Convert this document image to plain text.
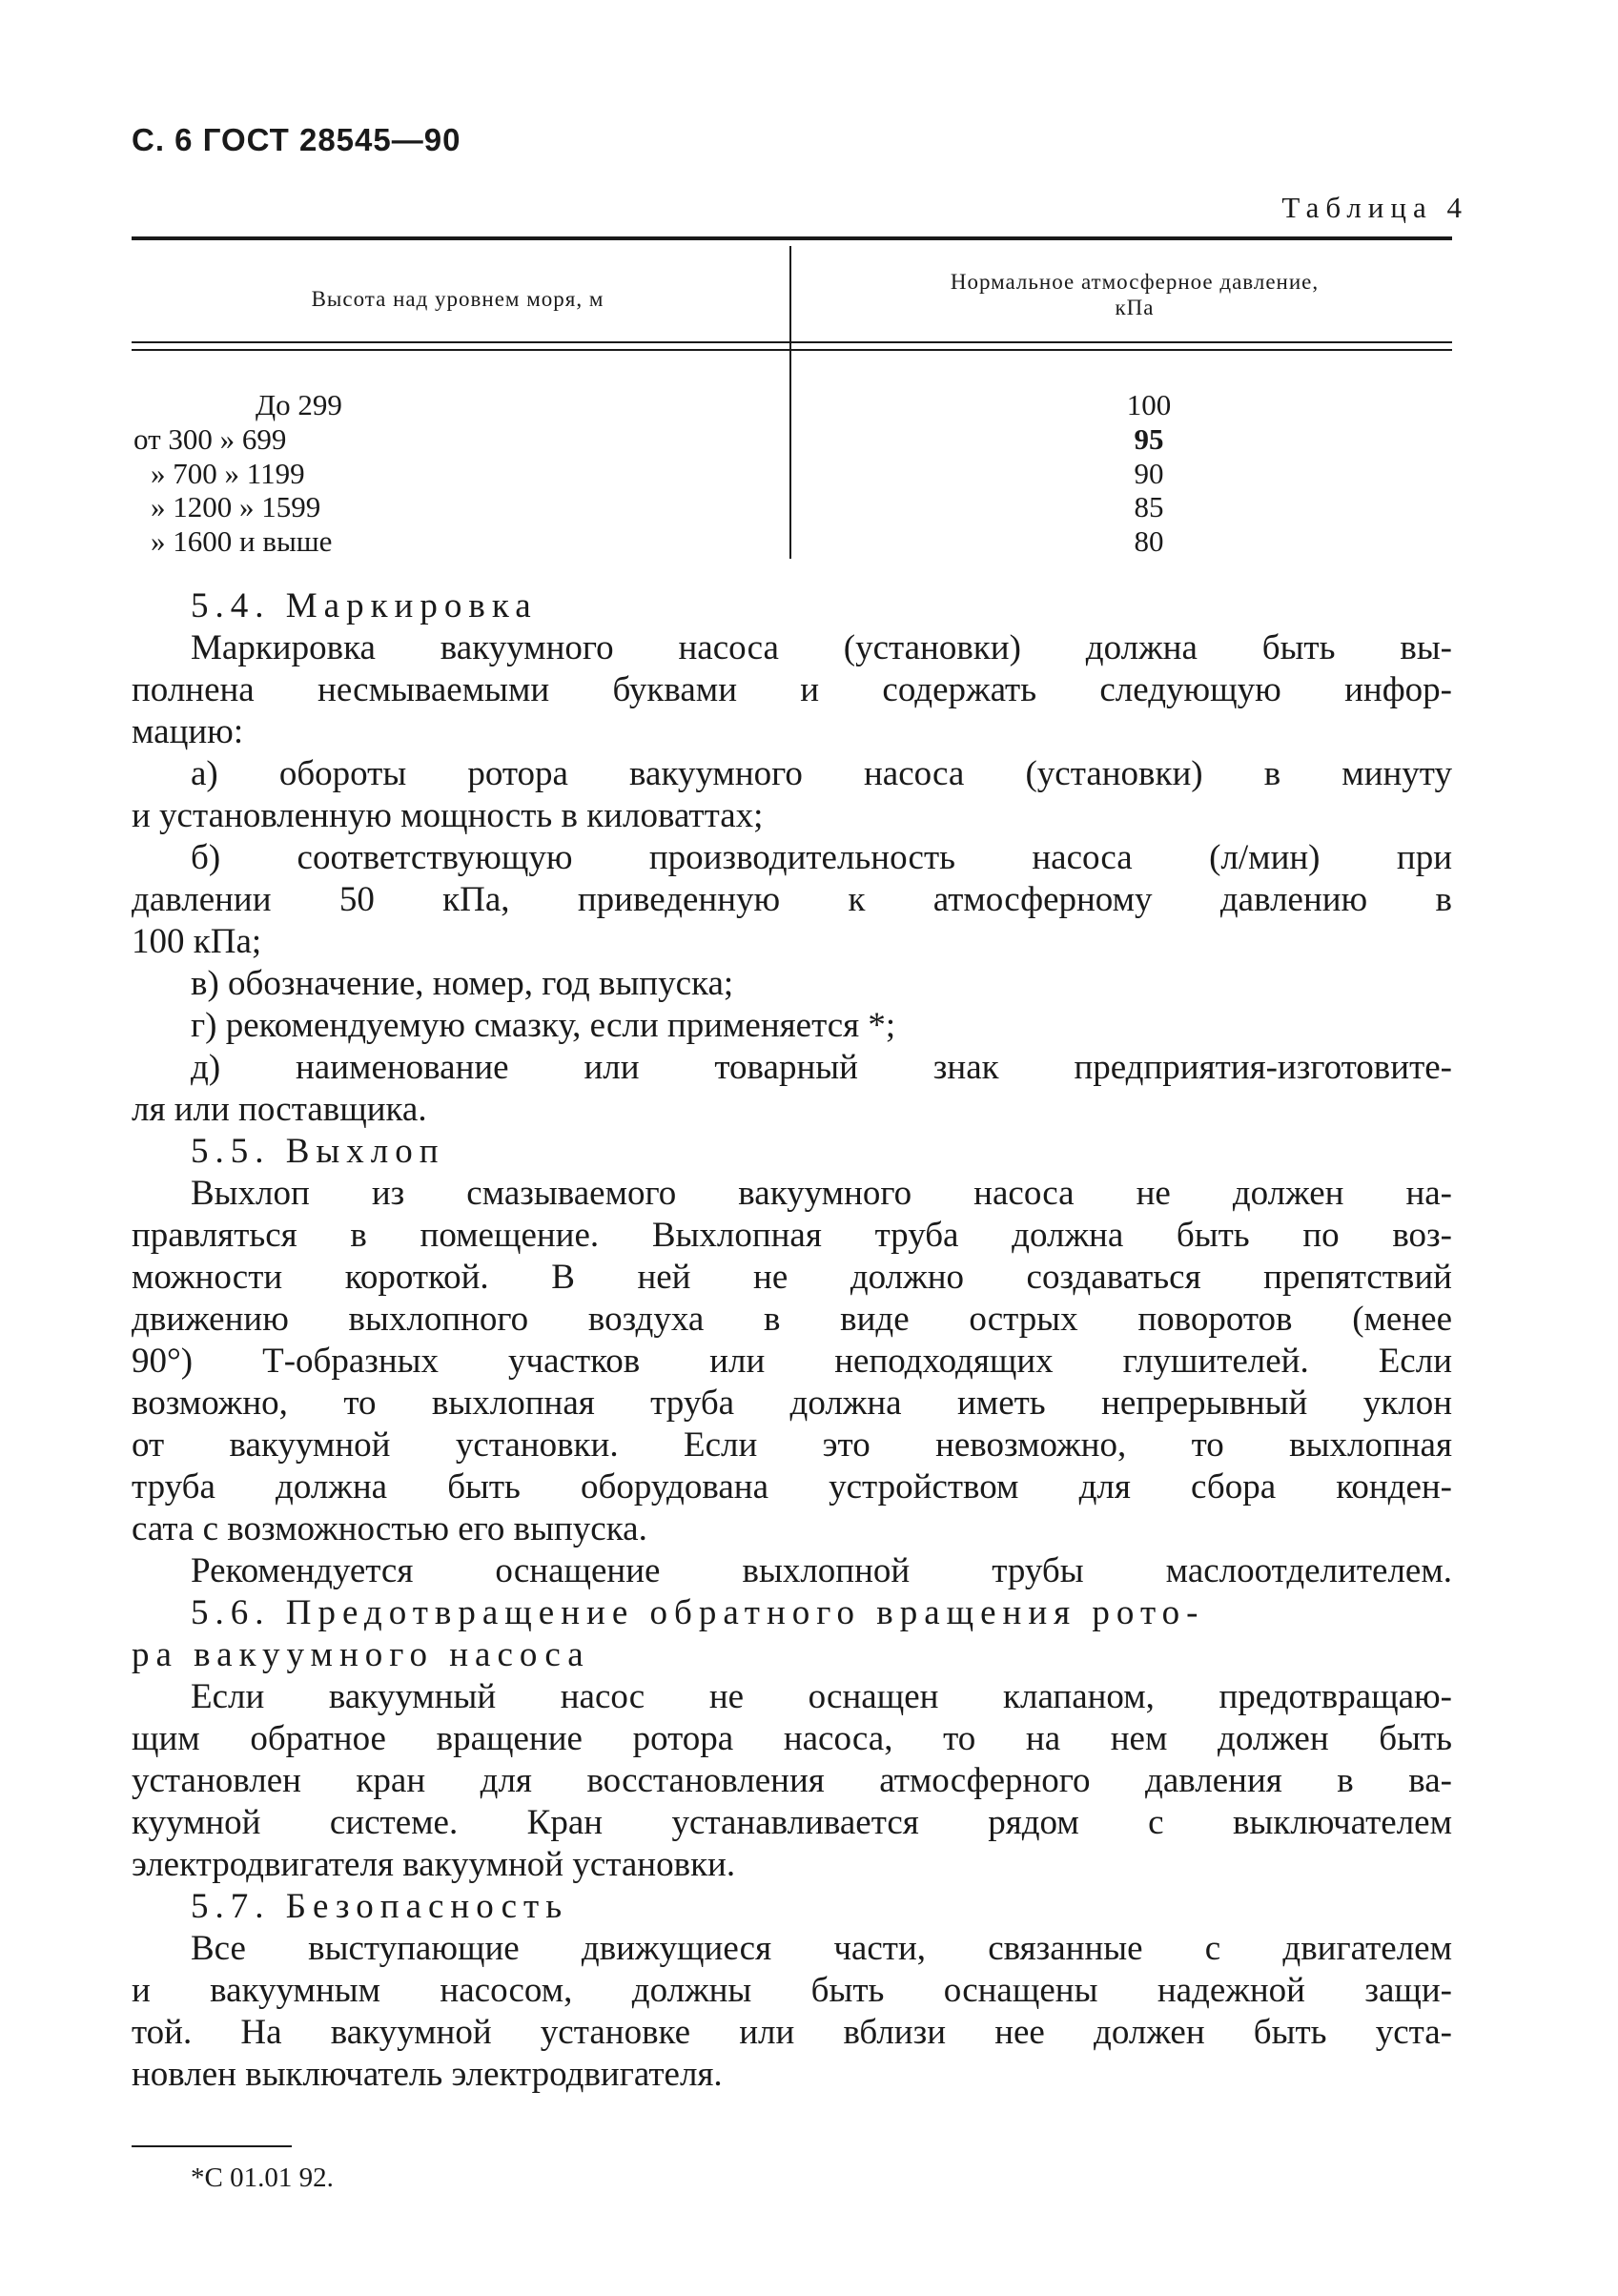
С. 6 ГОСТ 28545—90
Таблица 4
Высота над уровнем моря, м
Нормальное атмосферное давление,
кПа
До 299
от 300 » 699
» 700 » 1199
» 1200 » 1599
» 1600 и выше
100
95
90
85
80
5.4. Маркировка

Маркировка вакуумного насоса (установки) должна быть вы-

полнена несмываемыми буквами и содержать следующую инфор-

мацию:

а) обороты ротора вакуумного насоса (установки) в минуту

и установленную мощность в киловаттах;

б) соответствующую производительность насоса (л/мин) при

давлении 50 кПа, приведенную к атмосферному давлению в

100 кПа;

в) обозначение, номер, год выпуска;

г) рекомендуемую смазку, если применяется *;

д) наименование или товарный знак предприятия-изготовите-

ля или поставщика.

5.5. Выхлоп

Выхлоп из смазываемого вакуумного насоса не должен на-

правляться в помещение. Выхлопная труба должна быть по воз-

можности короткой. В ней не должно создаваться препятствий

движению выхлопного воздуха в виде острых поворотов (менее

90°) Т-образных участков или неподходящих глушителей. Если

возможно, то выхлопная труба должна иметь непрерывный уклон

от вакуумной установки. Если это невозможно, то выхлопная

труба должна быть оборудована устройством для сбора конден-

сата с возможностью его выпуска.

Рекомендуется оснащение выхлопной трубы маслоотделителем.

5.6. Предотвращение обратного вращения рото-
ра вакуумного насоса

Если вакуумный насос не оснащен клапаном, предотвращаю-

щим обратное вращение ротора насоса, то на нем должен быть

установлен кран для восстановления атмосферного давления в ва-

куумной системе. Кран устанавливается рядом с выключателем

электродвигателя вакуумной установки.

5.7. Безопасность

Все выступающие движущиеся части, связанные с двигателем

и вакуумным насосом, должны быть оснащены надежной защи-

той. На вакуумной установке или вблизи нее должен быть уста-

новлен выключатель электродвигателя.

*С 01.01 92.
